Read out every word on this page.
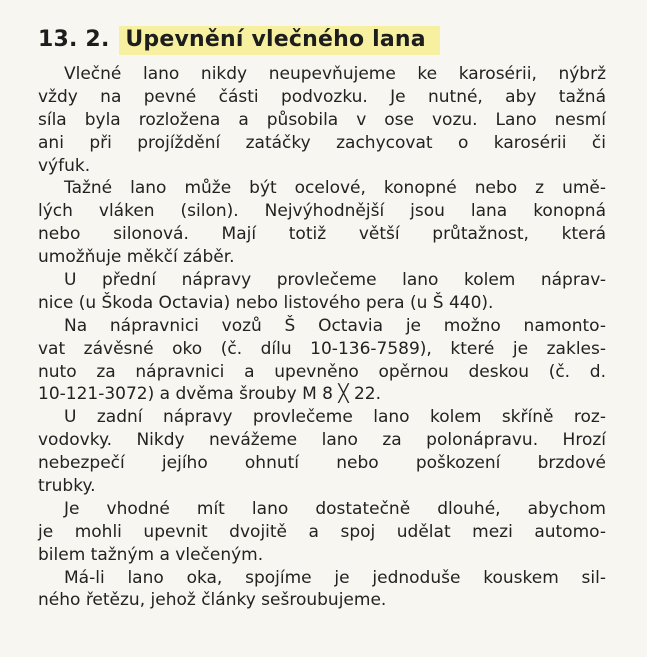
13. 2. Upevnění vlečného lana
Vlečné lano nikdy neupevňujeme ke karosérii, nýbrž
vždy na pevné části podvozku. Je nutné, aby tažná
síla byla rozložena a působila v ose vozu. Lano nesmí
ani při projíždění zatáčky zachycovat o karosérii či
výfuk.
Tažné lano může být ocelové, konopné nebo z umě-
lých vláken (silon). Nejvýhodnější jsou lana konopná
nebo silonová. Mají totiž větší průtažnost, která
umožňuje měkčí záběr.
U přední nápravy provlečeme lano kolem náprav-
nice (u Škoda Octavia) nebo listového pera (u Š 440).
Na nápravnici vozů Š Octavia je možno namonto-
vat závěsné oko (č. dílu 10-136-7589), které je zakles-
nuto za nápravnici a upevněno opěrnou deskou (č. d.
10-121-3072) a dvěma šrouby M 8 ╳ 22.
U zadní nápravy provlečeme lano kolem skříně roz-
vodovky. Nikdy nevážeme lano za polonápravu. Hrozí
nebezpečí jejího ohnutí nebo poškození brzdové
trubky.
Je vhodné mít lano dostatečně dlouhé, abychom
je mohli upevnit dvojitě a spoj udělat mezi automo-
bilem tažným a vlečeným.
Má-li lano oka, spojíme je jednoduše kouskem sil-
ného řetězu, jehož články sešroubujeme.
